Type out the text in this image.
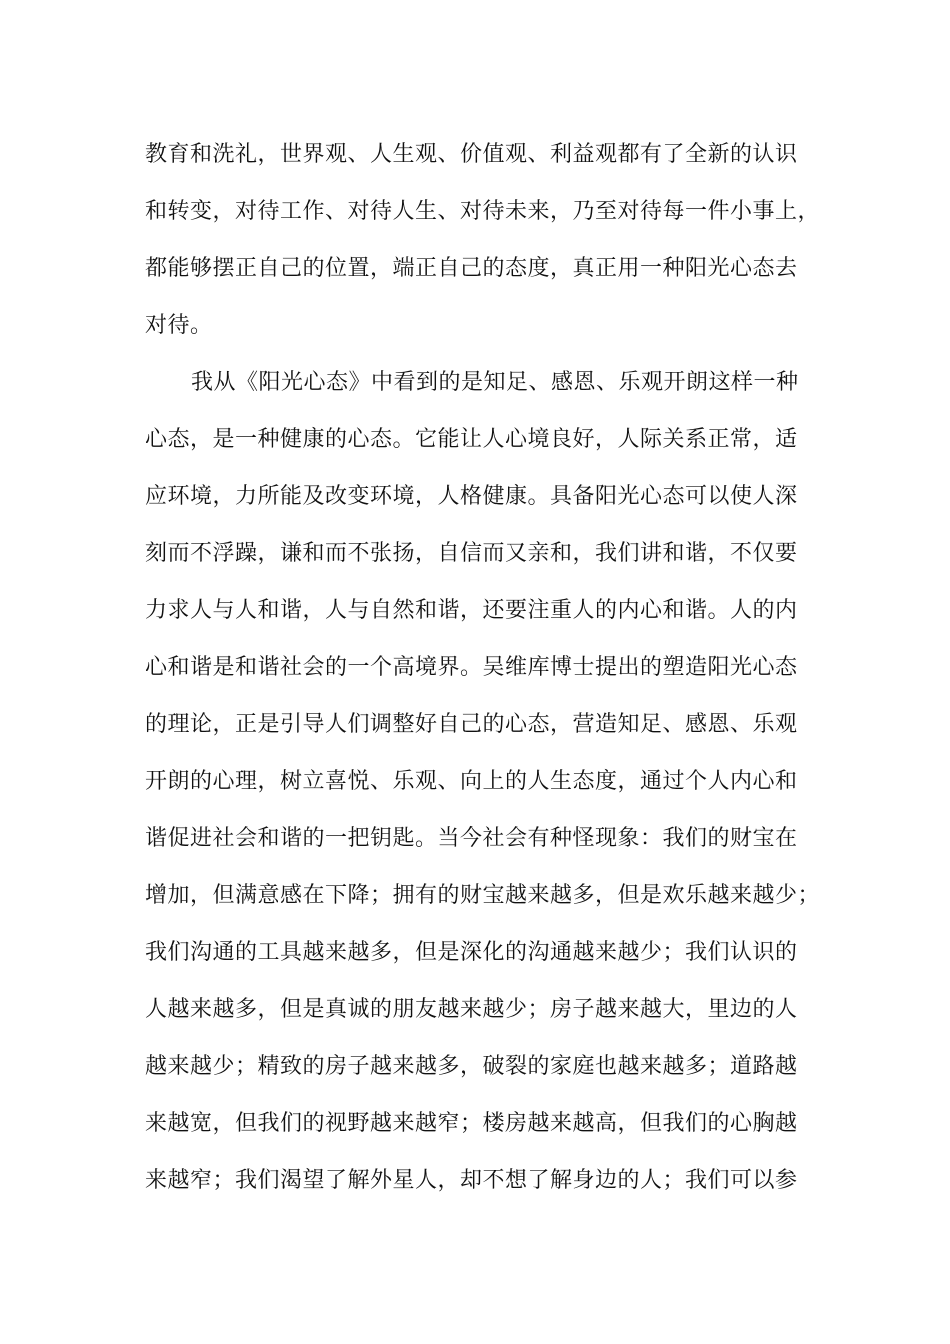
教育和洗礼，世界观、人生观、价值观、利益观都有了全新的认识
和转变，对待工作、对待人生、对待未来，乃至对待每一件小事上，
都能够摆正自己的位置，端正自己的态度，真正用一种阳光心态去
对待。
我从《阳光心态》中看到的是知足、感恩、乐观开朗这样一种
心态，是一种健康的心态。它能让人心境良好，人际关系正常，适
应环境，力所能及改变环境，人格健康。具备阳光心态可以使人深
刻而不浮躁，谦和而不张扬，自信而又亲和，我们讲和谐，不仅要
力求人与人和谐，人与自然和谐，还要注重人的内心和谐。人的内
心和谐是和谐社会的一个高境界。吴维库博士提出的塑造阳光心态
的理论，正是引导人们调整好自己的心态，营造知足、感恩、乐观
开朗的心理，树立喜悦、乐观、向上的人生态度，通过个人内心和
谐促进社会和谐的一把钥匙。当今社会有种怪现象：我们的财宝在
增加，但满意感在下降；拥有的财宝越来越多，但是欢乐越来越少；
我们沟通的工具越来越多，但是深化的沟通越来越少；我们认识的
人越来越多，但是真诚的朋友越来越少；房子越来越大，里边的人
越来越少；精致的房子越来越多，破裂的家庭也越来越多；道路越
来越宽，但我们的视野越来越窄；楼房越来越高，但我们的心胸越
来越窄；我们渴望了解外星人，却不想了解身边的人；我们可以参
